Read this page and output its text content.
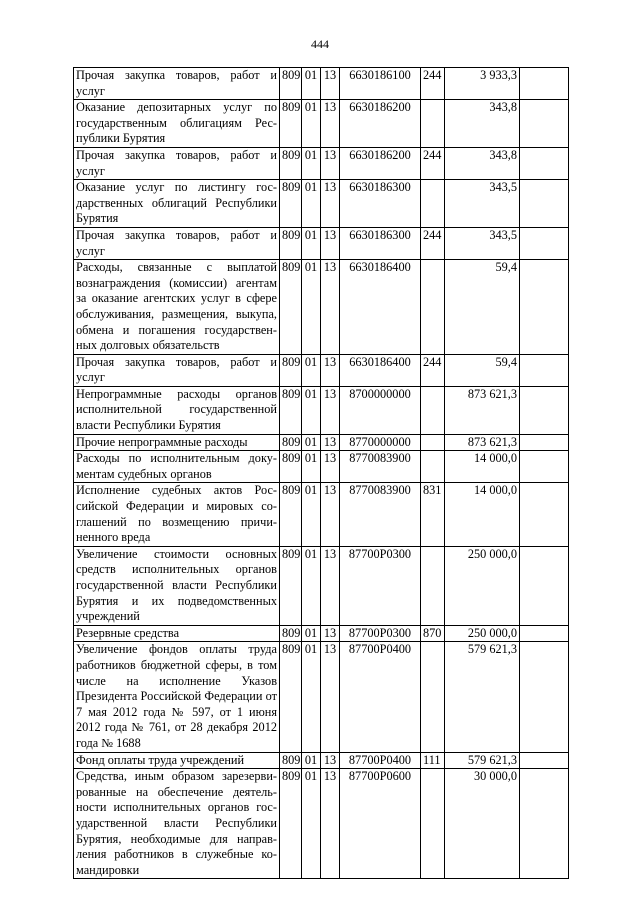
444
Прочая закупка товаров, работ и услуг	809	01	13	6630186100	244	3 933,3	
Оказание депозитарных услуг по государственным облигациям Рес- публики Бурятия	809	01	13	6630186200		343,8	
Прочая закупка товаров, работ и услуг	809	01	13	6630186200	244	343,8	
Оказание услуг по листингу гос- дарственных облигаций Республики Бурятия	809	01	13	6630186300		343,5	
Прочая закупка товаров, работ и услуг	809	01	13	6630186300	244	343,5	
Расходы, связанные с выплатой вознаграждения (комиссии) агентам за оказание агентских услуг в сфере обслуживания, размещения, выкупа, обмена и погашения государствен- ных долговых обязательств	809	01	13	6630186400		59,4	
Прочая закупка товаров, работ и услуг	809	01	13	6630186400	244	59,4	
Непрограммные расходы органов исполнительной государственной власти Республики Бурятия	809	01	13	8700000000		873 621,3	
Прочие непрограммные расходы	809	01	13	8770000000		873 621,3	
Расходы по исполнительным доку- ментам судебных органов	809	01	13	8770083900		14 000,0	
Исполнение судебных актов Рос- сийской Федерации и мировых со- глашений по возмещению причи- ненного вреда	809	01	13	8770083900	831	14 000,0	
Увеличение стоимости основных средств исполнительных органов государственной власти Республики Бурятия и их подведомственных учреждений	809	01	13	87700P0300		250 000,0	
Резервные средства	809	01	13	87700P0300	870	250 000,0	
Увеличение фондов оплаты труда работников бюджетной сферы, в том числе на исполнение Указов Президента Российской Федерации от 7 мая 2012 года № 597, от 1 июня 2012 года № 761, от 28 декабря 2012 года № 1688	809	01	13	87700P0400		579 621,3	
Фонд оплаты труда учреждений	809	01	13	87700P0400	111	579 621,3	
Средства, иным образом зарезерви- рованные на обеспечение деятель- ности исполнительных органов гос- ударственной власти Республики Бурятия, необходимые для направ- ления работников в служебные ко- мандировки	809	01	13	87700P0600		30 000,0	
